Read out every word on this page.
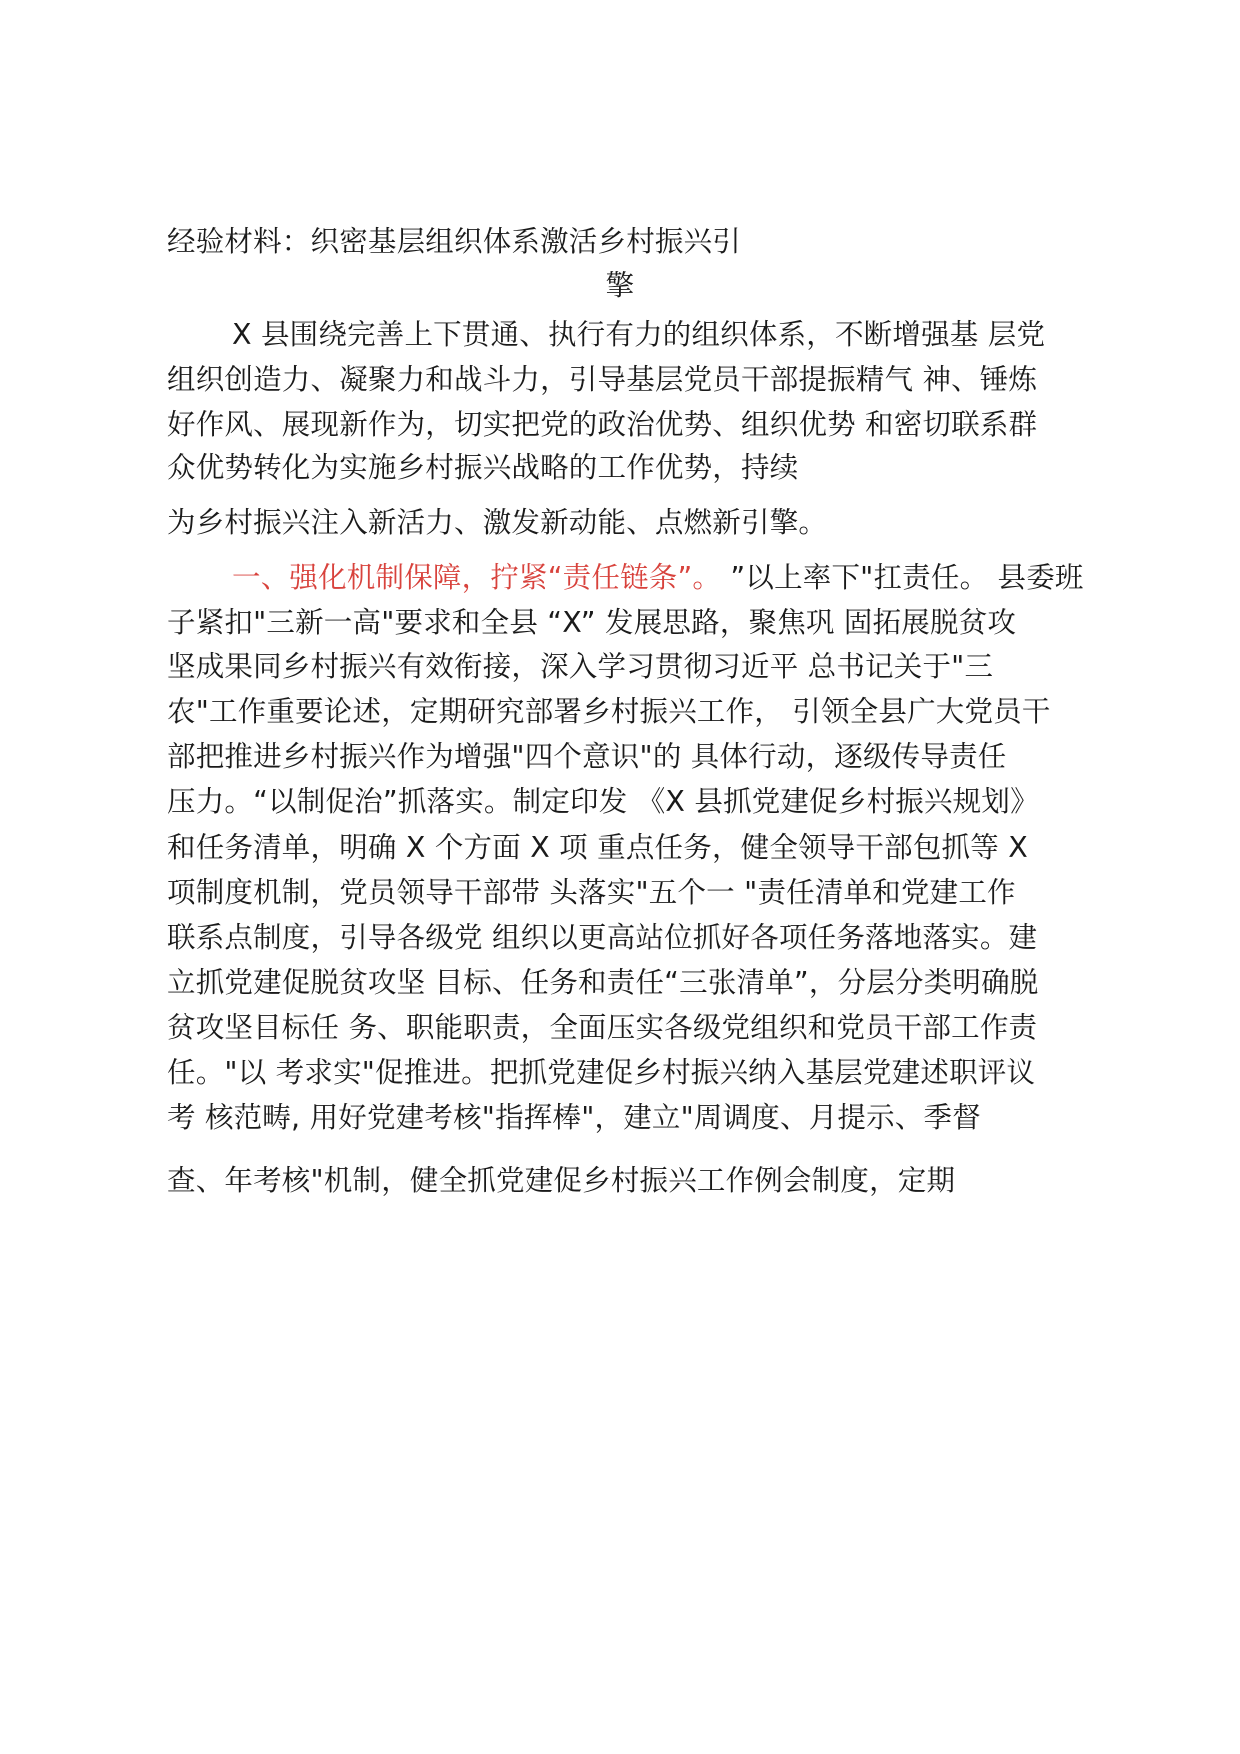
经验材料：织密基层组织体系激活乡村振兴引
擎
X 县围绕完善上下贯通、执行有力的组织体系，不断增强基 层党
组织创造力、凝聚力和战斗力，引导基层党员干部提振精气 神、锤炼
好作风、展现新作为，切实把党的政治优势、组织优势 和密切联系群
众优势转化为实施乡村振兴战略的工作优势，持续
为乡村振兴注入新活力、激发新动能、点燃新引擎。
一、强化机制保障，拧紧“责任链条”。 ”以上率下"扛责任。 县委班
子紧扣"三新一高"要求和全县 “X” 发展思路，聚焦巩 固拓展脱贫攻
坚成果同乡村振兴有效衔接，深入学习贯彻习近平 总书记关于"三
农"工作重要论述，定期研究部署乡村振兴工作， 引领全县广大党员干
部把推进乡村振兴作为增强"四个意识"的 具体行动，逐级传导责任
压力。“以制促治”抓落实。制定印发 《X 县抓党建促乡村振兴规划》
和任务清单，明确 X 个方面 X 项 重点任务，健全领导干部包抓等 X
项制度机制，党员领导干部带 头落实"五个一 "责任清单和党建工作
联系点制度，引导各级党 组织以更高站位抓好各项任务落地落实。建
立抓党建促脱贫攻坚 目标、任务和责任“三张清单”，分层分类明确脱
贫攻坚目标任 务、职能职责，全面压实各级党组织和党员干部工作责
任。"以 考求实"促推进。把抓党建促乡村振兴纳入基层党建述职评议
考 核范畴, 用好党建考核"指挥棒"，建立"周调度、月提示、季督
查、年考核"机制，健全抓党建促乡村振兴工作例会制度，定期
